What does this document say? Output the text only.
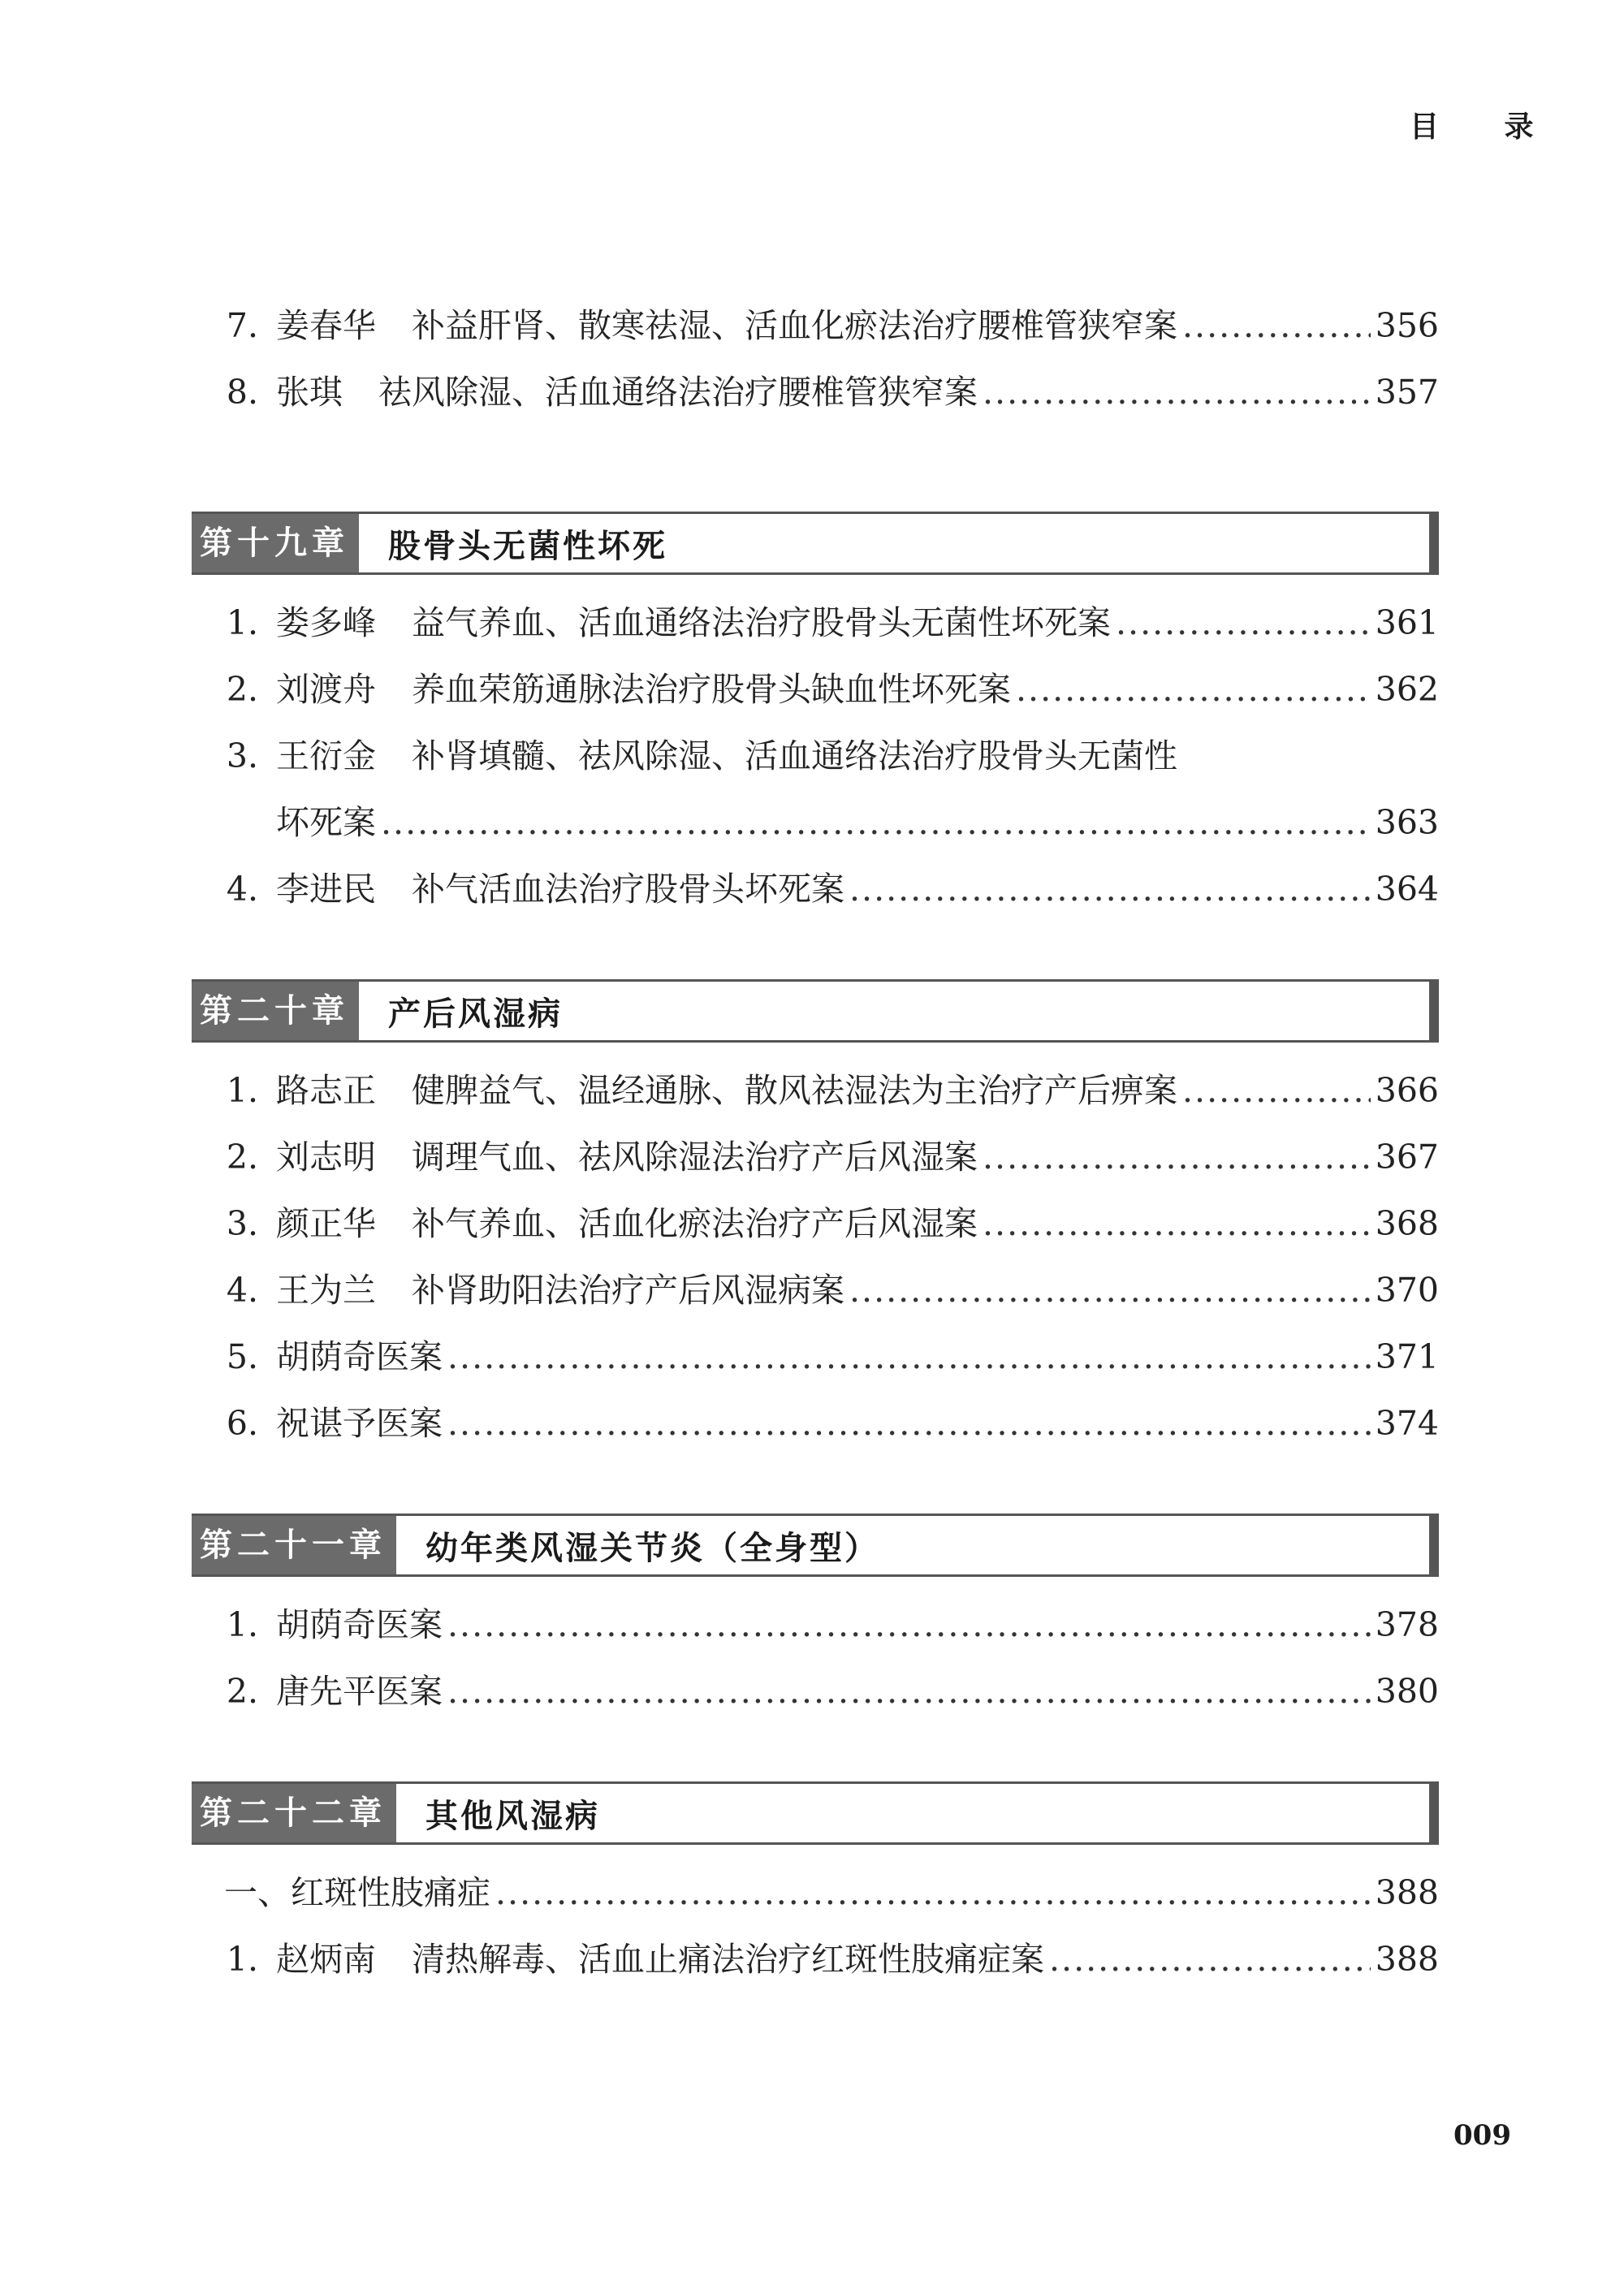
目 录
7. 姜春华 补益肝肾、散寒祛湿、活血化瘀法治疗腰椎管狭窄案 .....	356
8. 张琪 祛风除湿、活血通络法治疗腰椎管狭窄案 .....	357
第十九章	股骨头无菌性坏死
1. 娄多峰 益气养血、活血通络法治疗股骨头无菌性坏死案 .....	361
2. 刘渡舟 养血荣筋通脉法治疗股骨头缺血性坏死案 .....	362
3. 王衍金 补肾填髓、祛风除湿、活血通络法治疗股骨头无菌性
坏死案 .....	363
4. 李进民 补气活血法治疗股骨头坏死案 .....	364
第二十章	产后风湿病
1. 路志正 健脾益气、温经通脉、散风祛湿法为主治疗产后痹案 .....	366
2. 刘志明 调理气血、祛风除湿法治疗产后风湿案 .....	367
3. 颜正华 补气养血、活血化瘀法治疗产后风湿案 .....	368
4. 王为兰 补肾助阳法治疗产后风湿病案 .....	370
5. 胡荫奇医案 .....	371
6. 祝谌予医案 .....	374
第二十一章	幼年类风湿关节炎（全身型）
1. 胡荫奇医案 .....	378
2. 唐先平医案 .....	380
第二十二章	其他风湿病
一、红斑性肢痛症 .....	388
1. 赵炳南 清热解毒、活血止痛法治疗红斑性肢痛症案 .....	388
009
